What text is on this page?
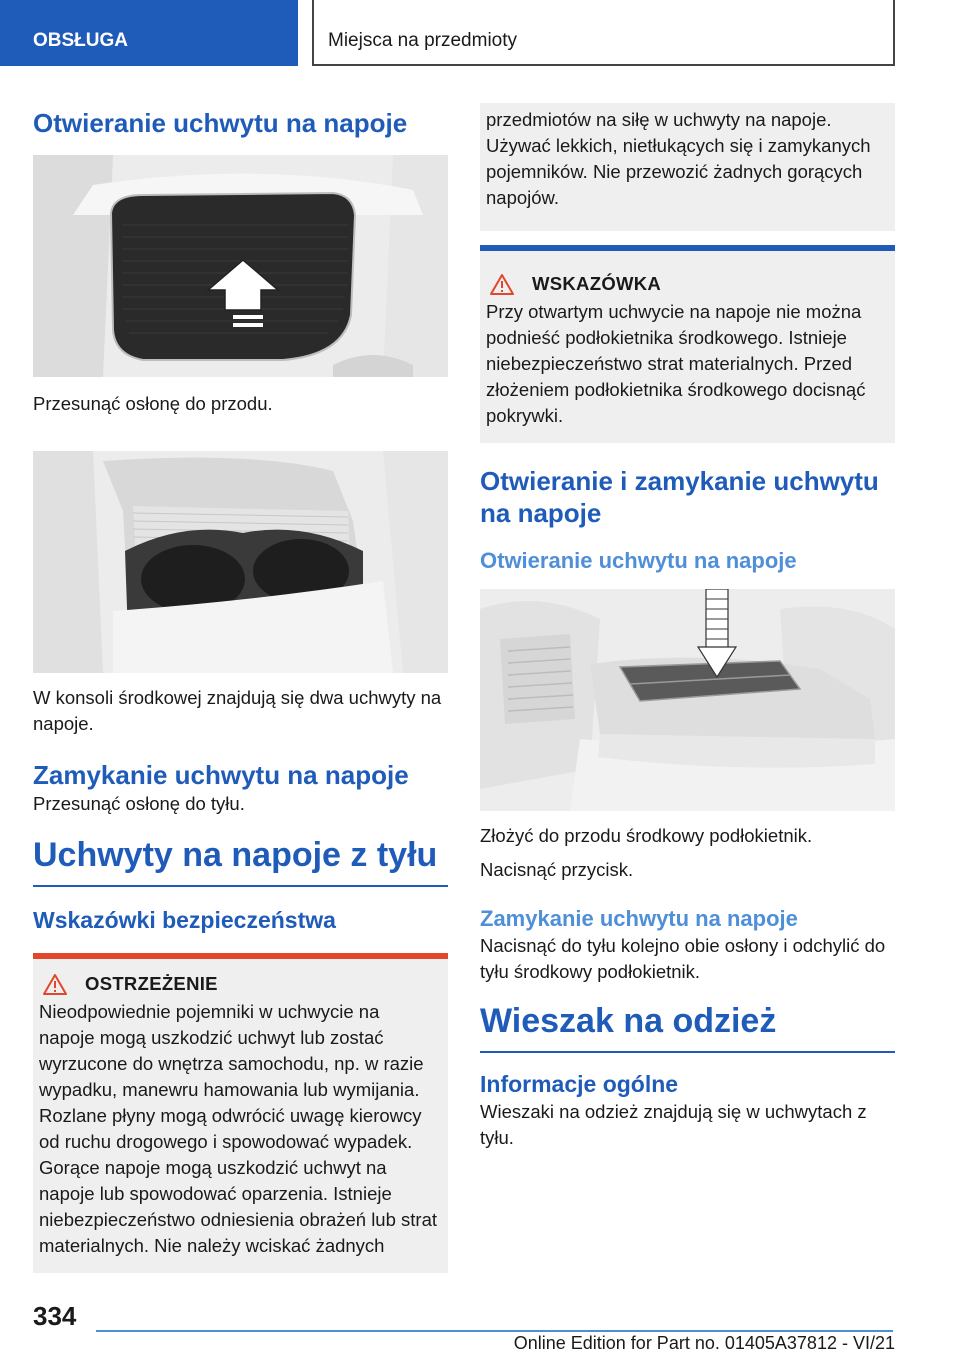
OBSŁUGA	Miejsca na przedmioty
Otwieranie uchwytu na napoje

Przesunąć osłonę do przodu.

W konsoli środkowej znajdują się dwa uchwyty na napoje.

Zamykanie uchwytu na napoje

Przesunąć osłonę do tyłu.

Uchwyty na napoje z tyłu
Wskazówki bezpieczeństwa
OSTRZEŻENIE

Nieodpowiednie pojemniki w uchwycie na napoje mogą uszkodzić uchwyt lub zostać wyrzucone do wnętrza samochodu, np. w razie wypadku, manewru hamowania lub wymijania. Rozlane płyny mogą odwrócić uwagę kierowcy od ruchu drogowego i spowodować wypadek. Gorące napoje mogą uszkodzić uchwyt na napoje lub spowodować oparzenia. Istnieje niebezpieczeństwo odniesienia obrażeń lub strat materialnych. Nie należy wciskać żadnych

przedmiotów na siłę w uchwyty na napoje. Używać lekkich, nietłukących się i zamykanych pojemników. Nie przewozić żadnych gorących napojów.

WSKAZÓWKA

Przy otwartym uchwycie na napoje nie można podnieść podłokietnika środkowego. Istnieje niebezpieczeństwo strat materialnych. Przed złożeniem podłokietnika środkowego docisnąć pokrywki.

Otwieranie i zamykanie uchwytu na napoje
Otwieranie uchwytu na napoje

Złożyć do przodu środkowy podłokietnik.

Nacisnąć przycisk.

Zamykanie uchwytu na napoje

Nacisnąć do tyłu kolejno obie osłony i odchylić do tyłu środkowy podłokietnik.

Wieszak na odzież
Informacje ogólne

Wieszaki na odzież znajdują się w uchwytach z tyłu.

334
Online Edition for Part no. 01405A37812 - VI/21
